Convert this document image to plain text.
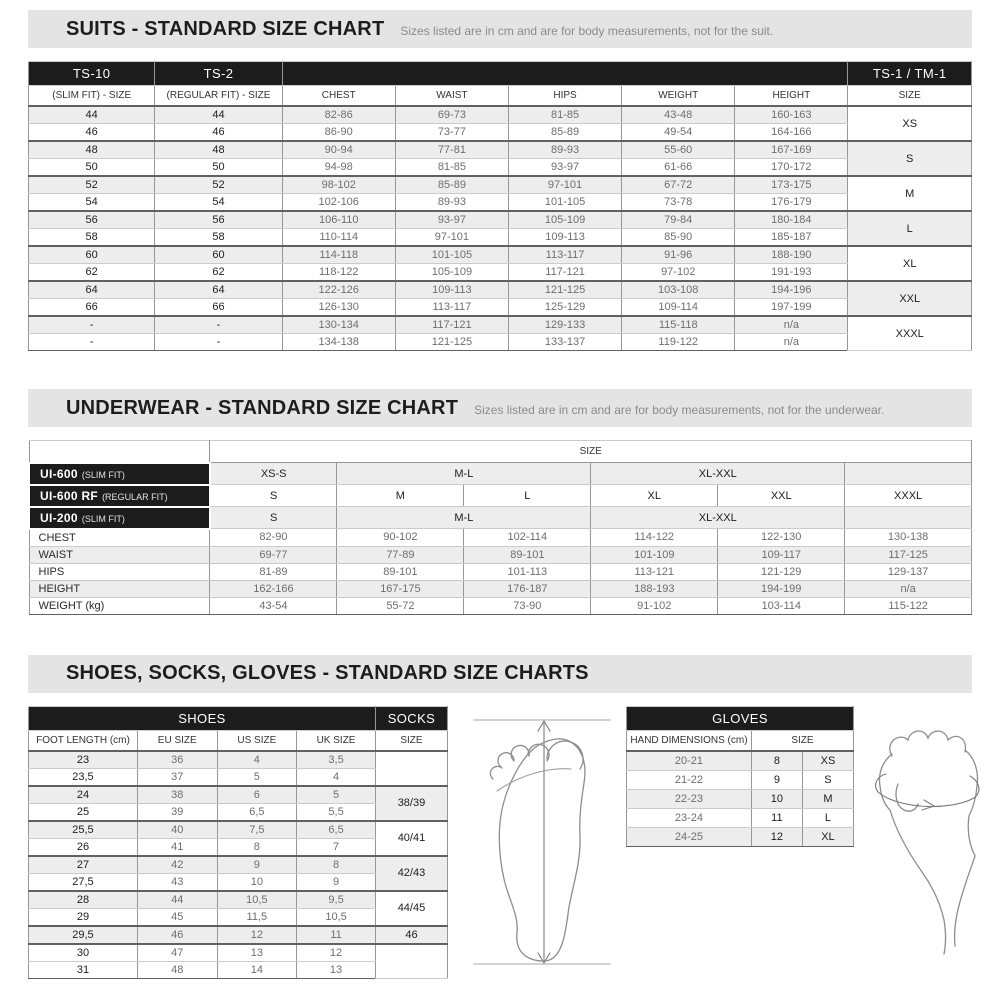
SUITS - STANDARD SIZE CHART Sizes listed are in cm and are for body measurements, not for the suit.
TS-10	TS-2						TS-1 / TM-1
(SLIM FIT) - SIZE	(REGULAR FIT) - SIZE	CHEST	WAIST	HIPS	WEIGHT	HEIGHT	SIZE
44	44	82-86	69-73	81-85	43-48	160-163	XS
46	46	86-90	73-77	85-89	49-54	164-166	
48	48	90-94	77-81	89-93	55-60	167-169	S
50	50	94-98	81-85	93-97	61-66	170-172	
52	52	98-102	85-89	97-101	67-72	173-175	M
54	54	102-106	89-93	101-105	73-78	176-179	
56	56	106-110	93-97	105-109	79-84	180-184	L
58	58	110-114	97-101	109-113	85-90	185-187	
60	60	114-118	101-105	113-117	91-96	188-190	XL
62	62	118-122	105-109	117-121	97-102	191-193	
64	64	122-126	109-113	121-125	103-108	194-196	XXL
66	66	126-130	113-117	125-129	109-114	197-199	
-	-	130-134	117-121	129-133	115-118	n/a	XXXL
-	-	134-138	121-125	133-137	119-122	n/a	
UNDERWEAR - STANDARD SIZE CHART Sizes listed are in cm and are for body measurements, not for the underwear.
	SIZE					
UI-600 (SLIM FIT)	XS-S	M-L		XL-XXL		
UI-600 RF (REGULAR FIT)	S	M	L	XL	XXL	XXXL
UI-200 (SLIM FIT)	S	M-L		XL-XXL		
CHEST	82-90	90-102	102-114	114-122	122-130	130-138
WAIST	69-77	77-89	89-101	101-109	109-117	117-125
HIPS	81-89	89-101	101-113	113-121	121-129	129-137
HEIGHT	162-166	167-175	176-187	188-193	194-199	n/a
WEIGHT (kg)	43-54	55-72	73-90	91-102	103-114	115-122
SHOES, SOCKS, GLOVES - STANDARD SIZE CHARTS
SHOES				SOCKS
FOOT LENGTH (cm)	EU SIZE	US SIZE	UK SIZE	SIZE
23	36	4	3,5	
23,5	37	5	4	
24	38	6	5	38/39
25	39	6,5	5,5	
25,5	40	7,5	6,5	40/41
26	41	8	7	
27	42	9	8	42/43
27,5	43	10	9	
28	44	10,5	9,5	44/45
29	45	11,5	10,5	
29,5	46	12	11	46
30	47	13	12	
31	48	14	13	
GLOVES		
HAND DIMENSIONS (cm)	SIZE	
20-21	8	XS
21-22	9	S
22-23	10	M
23-24	11	L
24-25	12	XL
